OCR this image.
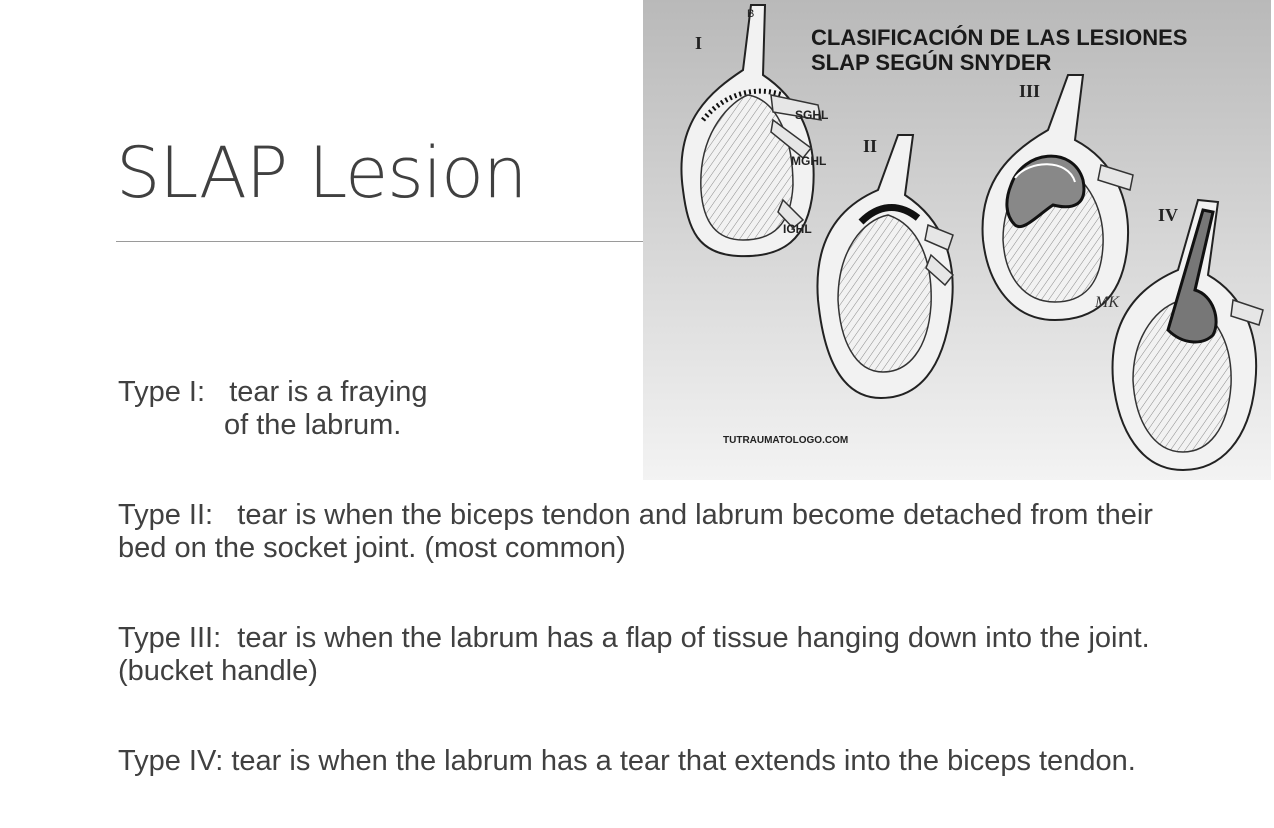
SLAP Lesion
CLASIFICACIÓN DE LAS LESIONES
SLAP SEGÚN SNYDER
I
B
SGHL
MGHL
IGHL
II
III
IV
MK
TUTRAUMATOLOGO.COM
Type I: tear is a fraying
of the labrum.

Type II:   tear is when the biceps tendon and labrum become detached from their bed on the socket joint. (most common)

Type III:  tear is when the labrum has a flap of tissue hanging down into the joint.(bucket handle)

Type IV: tear is when the labrum has a tear that extends into the biceps tendon.
